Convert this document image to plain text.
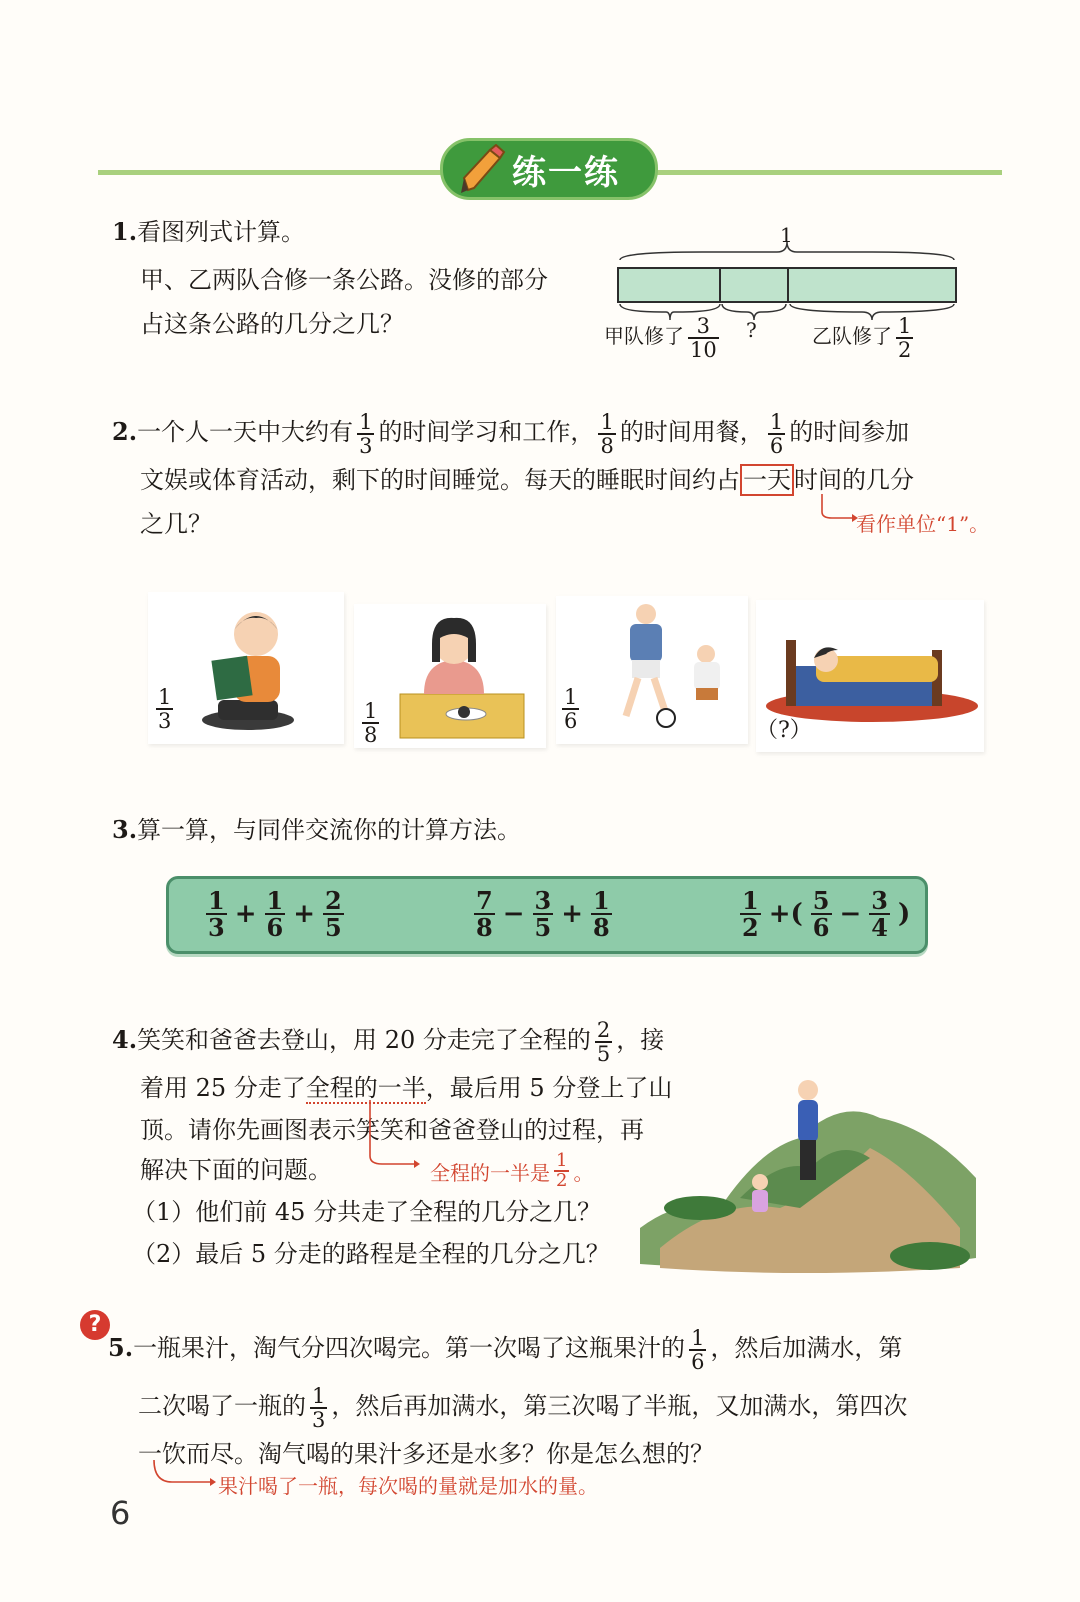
练一练
1.看图列式计算。
甲、乙两队合修一条公路。没修的部分
占这条公路的几分之几？
1
甲队修了 $\frac{3}{10}$ ?	乙队修了 $\frac{1}{2}$
2.一个人一天中大约有 $\frac{1}{3}$ 的时间学习和工作， $\frac{1}{8}$ 的时间用餐， $\frac{1}{6}$ 的时间参加
文娱或体育活动，剩下的时间睡觉。每天的睡眠时间约占 一天 时间的几分
之几？	看作单位“1”。
$\frac{1}{3}$	$\frac{1}{8}$	$\frac{1}{6}$	（?）
3.算一算，与同伴交流你的计算方法。
$\frac{1}{3} + \frac{1}{6} + \frac{2}{5}$	$\frac{7}{8} - \frac{3}{5} + \frac{1}{8}$	$\frac{1}{2}$ +( $\frac{5}{6} - \frac{3}{4}$ )
4.笑笑和爸爸去登山，用 20 分走完了全程的 $\frac{2}{5}$ ，接
着用 25 分走了全程的一半，最后用 5 分登上了山
顶。请你先画图表示笑笑和爸爸登山的过程，再
解决下面的问题。	全程的一半是 $\frac{1}{2}$ 。
（1）他们前 45 分共走了全程的几分之几？
（2）最后 5 分走的路程是全程的几分之几？
?
5.一瓶果汁，淘气分四次喝完。第一次喝了这瓶果汁的 $\frac{1}{6}$ ，然后加满水，第
二次喝了一瓶的 $\frac{1}{3}$ ，然后再加满水，第三次喝了半瓶，又加满水，第四次
一饮而尽。淘气喝的果汁多还是水多？你是怎么想的？
果汁喝了一瓶，每次喝的量就是加水的量。
6
